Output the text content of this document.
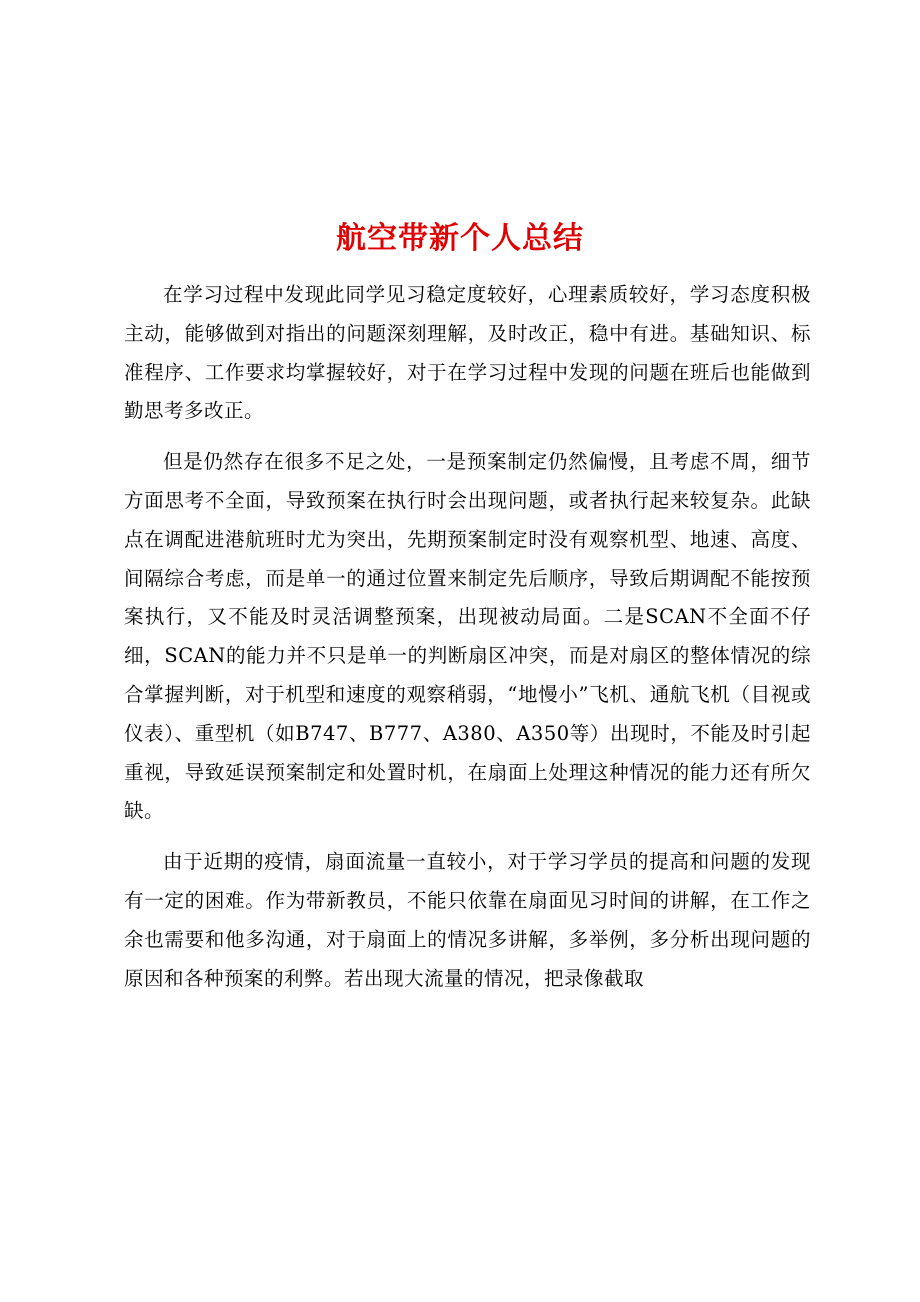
航空带新个人总结

在学习过程中发现此同学见习稳定度较好，心理素质较好，学习态度积极主动，能够做到对指出的问题深刻理解，及时改正，稳中有进。基础知识、标准程序、工作要求均掌握较好，对于在学习过程中发现的问题在班后也能做到勤思考多改正。

但是仍然存在很多不足之处，一是预案制定仍然偏慢，且考虑不周，细节方面思考不全面，导致预案在执行时会出现问题，或者执行起来较复杂。此缺点在调配进港航班时尤为突出，先期预案制定时没有观察机型、地速、高度、间隔综合考虑，而是单一的通过位置来制定先后顺序，导致后期调配不能按预案执行，又不能及时灵活调整预案，出现被动局面。二是SCAN不全面不仔细，SCAN的能力并不只是单一的判断扇区冲突，而是对扇区的整体情况的综合掌握判断，对于机型和速度的观察稍弱，“地慢小”飞机、通航飞机（目视或仪表）、重型机（如B747、B777、A380、A350等）出现时，不能及时引起重视，导致延误预案制定和处置时机，在扇面上处理这种情况的能力还有所欠缺。

由于近期的疫情，扇面流量一直较小，对于学习学员的提高和问题的发现有一定的困难。作为带新教员，不能只依靠在扇面见习时间的讲解，在工作之余也需要和他多沟通，对于扇面上的情况多讲解，多举例，多分析出现问题的原因和各种预案的利弊。若出现大流量的情况，把录像截取
